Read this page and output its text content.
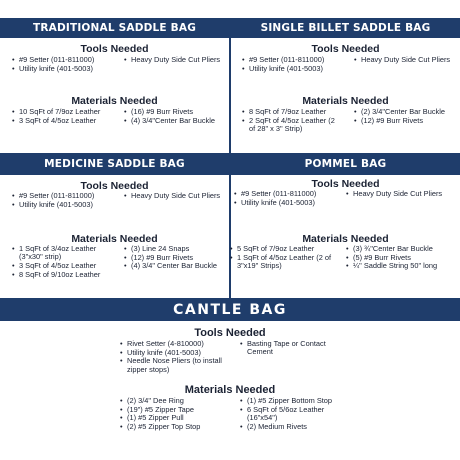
TRADITIONAL SADDLE BAG
Tools Needed
• #9 Setter (011-811000)
• Utility knife (401-5003)
• Heavy Duty Side Cut Pliers
Materials Needed
• 10 SqFt of 7/9oz Leather
• 3 SqFt of 4/5oz Leather
• (16) #9 Burr Rivets
• (4) 3/4"Center Bar Buckle
SINGLE BILLET SADDLE BAG
Tools Needed
• #9 Setter (011-811000)
• Utility knife (401-5003)
• Heavy Duty Side Cut Pliers
Materials Needed
• 8 SqFt of 7/9oz Leather
• 2 SqFt of 4/5oz Leather (2 of 28" x 3" Strip)
• (2) 3/4"Center Bar Buckle
• (12) #9 Burr Rivets
MEDICINE SADDLE BAG
Tools Needed
• #9 Setter (011-811000)
• Utility knife (401-5003)
• Heavy Duty Side Cut Pliers
Materials Needed
• 1 SqFt of 3/4oz Leather (3"x30" strip)
• 3 SqFt of 4/5oz Leather
• 8 SqFt of 9/10oz Leather
• (3) Line 24 Snaps
• (12) #9 Burr Rivets
• (4) 3/4" Center Bar Buckle
POMMEL BAG
Tools Needed
• #9 Setter (011-811000)
• Utility knife (401-5003)
• Heavy Duty Side Cut Pliers
Materials Needed
• 5 SqFt of 7/9oz Leather
• 1 SqFt of 4/5oz Leather (2 of 3"x19" Strips)
• (3) ¾"Center Bar Buckle
• (5) #9 Burr Rivets
• ¼" Saddle String 50" long
CANTLE BAG
Tools Needed
• Rivet Setter (4-810000)
• Utility knife (401-5003)
• Needle Nose Pliers (to install zipper stops)
• Basting Tape or Contact Cement
Materials Needed
• (2) 3/4" Dee Ring
• (19") #5 Zipper Tape
• (1) #5 Zipper Pull
• (2) #5 Zipper Top Stop
• (1) #5 Zipper Bottom Stop
• 6 SqFt of 5/6oz Leather (16"x54")
• (2) Medium Rivets
